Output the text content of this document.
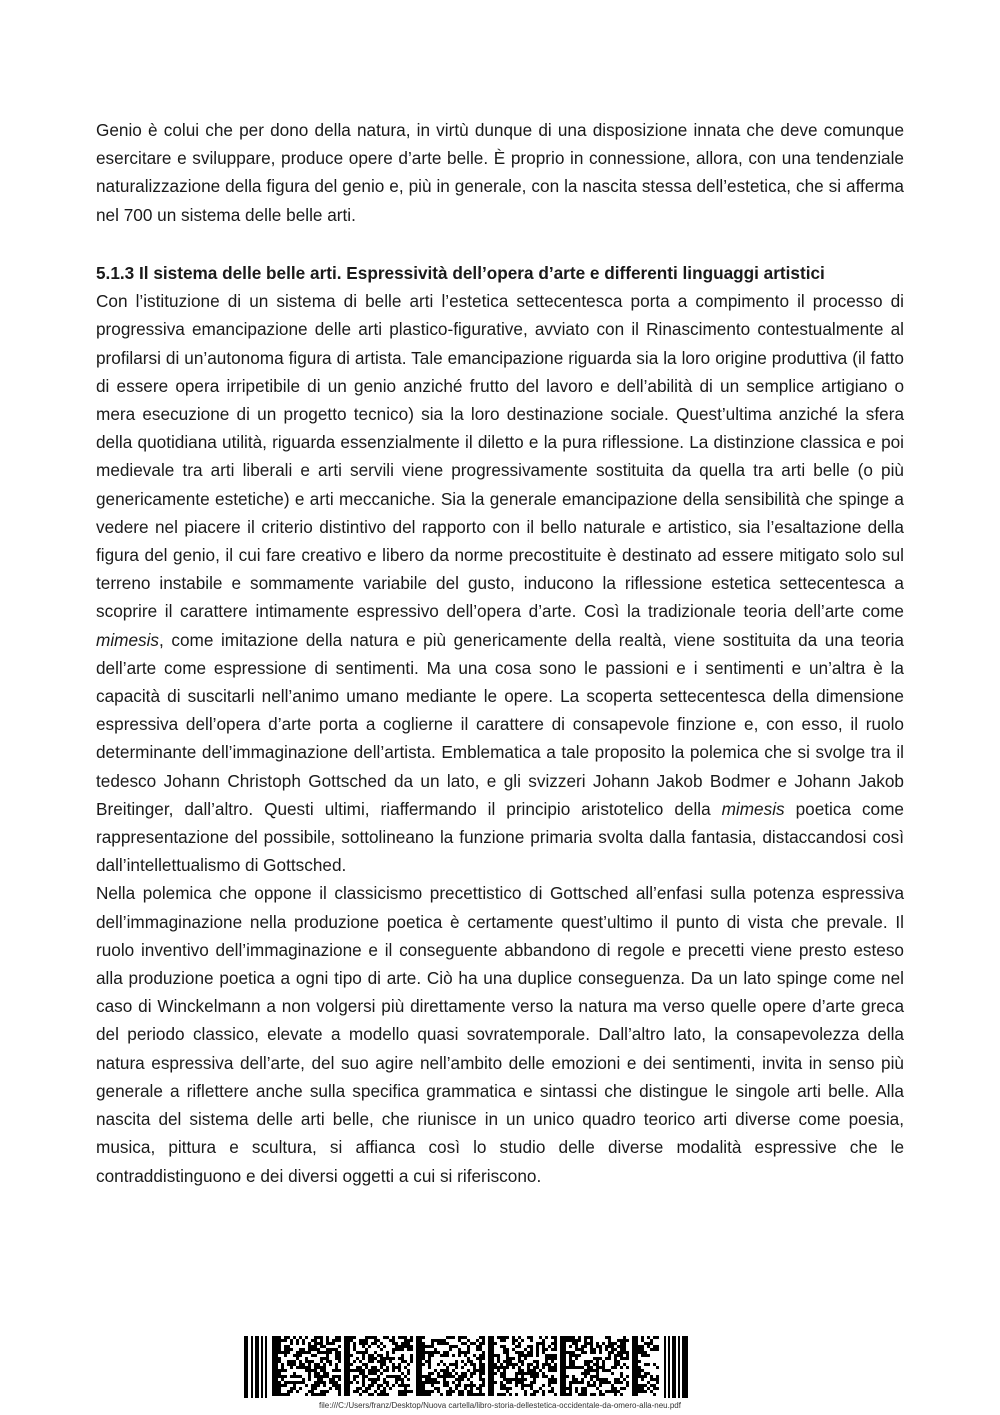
Genio è colui che per dono della natura, in virtù dunque di una disposizione innata che deve comunque esercitare e sviluppare, produce opere d’arte belle. È proprio in connessione, allora, con una tendenziale naturalizzazione della figura del genio e, più in generale, con la nascita stessa dell’estetica, che si afferma nel 700 un sistema delle belle arti.

5.1.3 Il sistema delle belle arti. Espressività dell’opera d’arte e differenti linguaggi artistici

Con l’istituzione di un sistema di belle arti l’estetica settecentesca porta a compimento il processo di progressiva emancipazione delle arti plastico-figurative, avviato con il Rinascimento contestualmente al profilarsi di un’autonoma figura di artista. Tale emancipazione riguarda sia la loro origine produttiva (il fatto di essere opera irripetibile di un genio anziché frutto del lavoro e dell’abilità di un semplice artigiano o mera esecuzione di un progetto tecnico) sia la loro destinazione sociale. Quest’ultima anziché la sfera della quotidiana utilità, riguarda essenzialmente il diletto e la pura riflessione. La distinzione classica e poi medievale tra arti liberali e arti servili viene progressivamente sostituita da quella tra arti belle (o più genericamente estetiche) e arti meccaniche. Sia la generale emancipazione della sensibilità che spinge a vedere nel piacere il criterio distintivo del rapporto con il bello naturale e artistico, sia l’esaltazione della figura del genio, il cui fare creativo e libero da norme precostituite è destinato ad essere mitigato solo sul terreno instabile e sommamente variabile del gusto, inducono la riflessione estetica settecentesca a scoprire il carattere intimamente espressivo dell’opera d’arte. Così la tradizionale teoria dell’arte come mimesis, come imitazione della natura e più genericamente della realtà, viene sostituita da una teoria dell’arte come espressione di sentimenti. Ma una cosa sono le passioni e i sentimenti e un’altra è la capacità di suscitarli nell’animo umano mediante le opere. La scoperta settecentesca della dimensione espressiva dell’opera d’arte porta a coglierne il carattere di consapevole finzione e, con esso, il ruolo determinante dell’immaginazione dell’artista. Emblematica a tale proposito la polemica che si svolge tra il tedesco Johann Christoph Gottsched da un lato, e gli svizzeri Johann Jakob Bodmer e Johann Jakob Breitinger, dall’altro. Questi ultimi, riaffermando il principio aristotelico della mimesis poetica come rappresentazione del possibile, sottolineano la funzione primaria svolta dalla fantasia, distaccandosi così dall’intellettualismo di Gottsched.

Nella polemica che oppone il classicismo precettistico di Gottsched all’enfasi sulla potenza espressiva dell’immaginazione nella produzione poetica è certamente quest’ultimo il punto di vista che prevale. Il ruolo inventivo dell’immaginazione e il conseguente abbandono di regole e precetti viene presto esteso alla produzione poetica a ogni tipo di arte. Ciò ha una duplice conseguenza. Da un lato spinge come nel caso di Winckelmann a non volgersi più direttamente verso la natura ma verso quelle opere d’arte greca del periodo classico, elevate a modello quasi sovratemporale. Dall’altro lato, la consapevolezza della natura espressiva dell’arte, del suo agire nell’ambito delle emozioni e dei sentimenti, invita in senso più generale a riflettere anche sulla specifica grammatica e sintassi che distingue le singole arti belle. Alla nascita del sistema delle arti belle, che riunisce in un unico quadro teorico arti diverse come poesia, musica, pittura e scultura, si affianca così lo studio delle diverse modalità espressive che le contraddistinguono e dei diversi oggetti a cui si riferiscono.

file:///C:/Users/franz/Desktop/Nuova cartella/libro-storia-dellestetica-occidentale-da-omero-alla-neu.pdf
